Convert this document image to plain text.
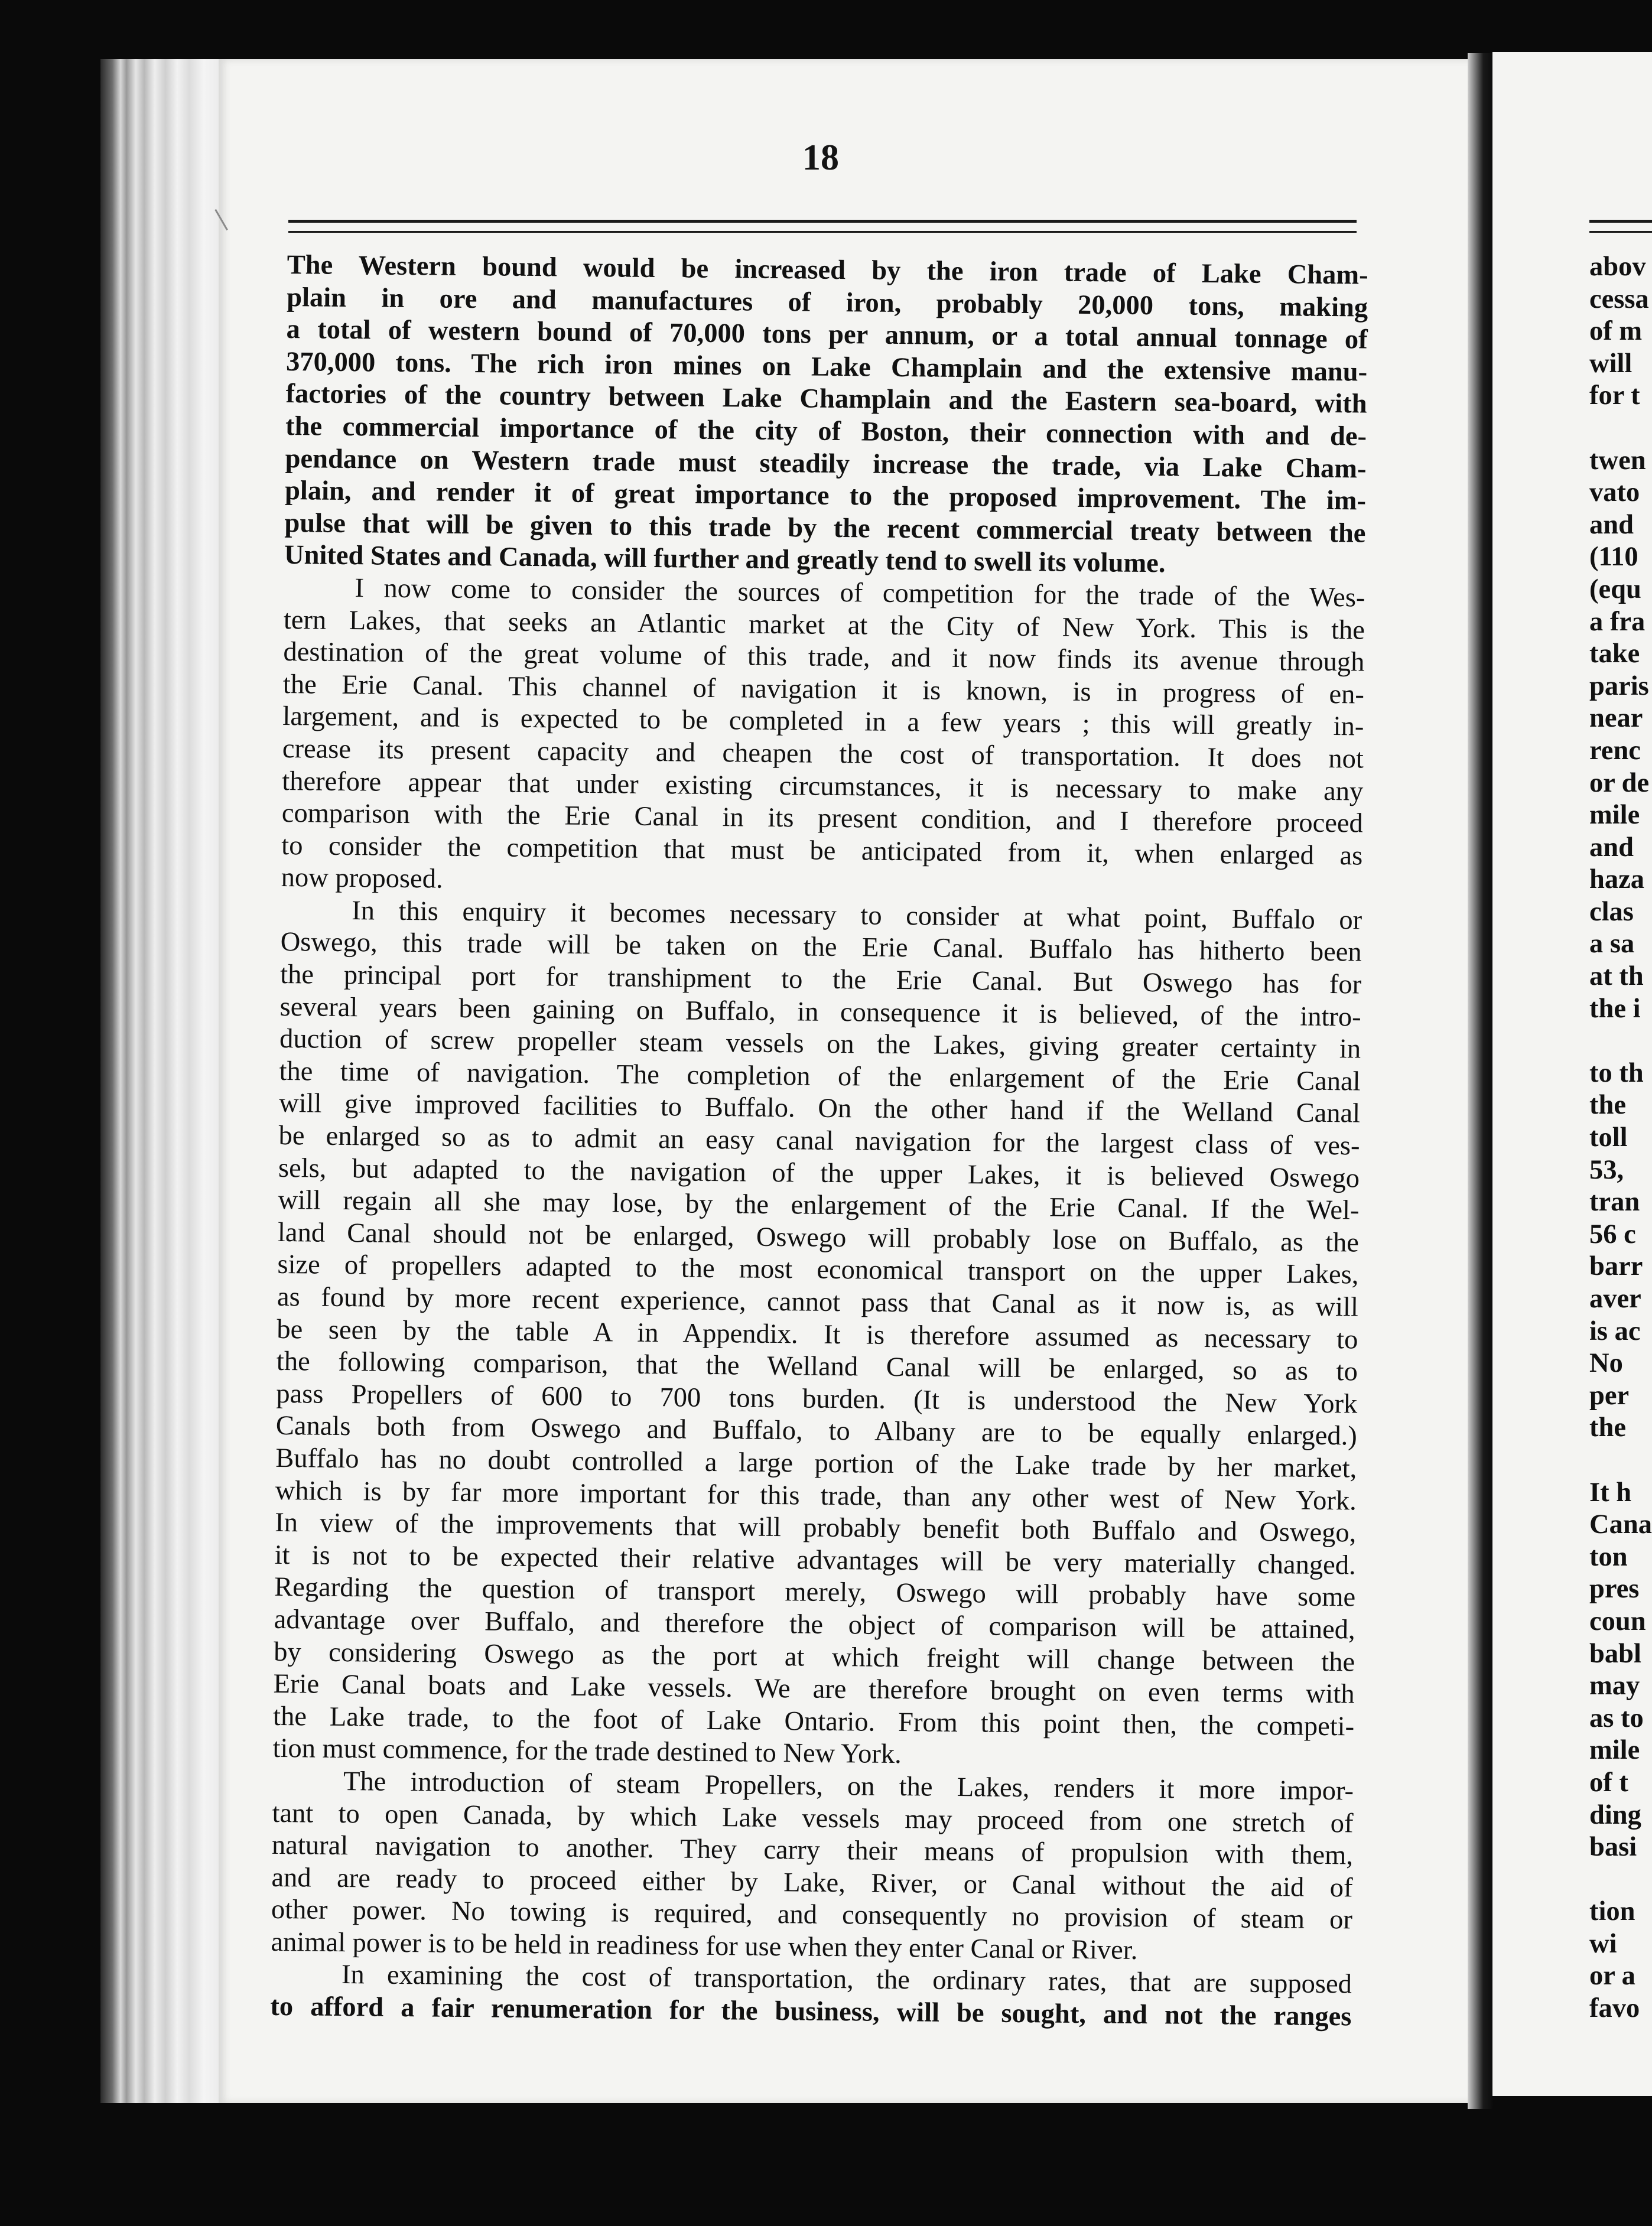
18
The Western bound would be increased by the iron trade of Lake Cham-
plain in ore and manufactures of iron, probably 20,000 tons, making
a total of western bound of 70,000 tons per annum, or a total annual tonnage of
370,000 tons. The rich iron mines on Lake Champlain and the extensive manu-
factories of the country between Lake Champlain and the Eastern sea-board, with
the commercial importance of the city of Boston, their connection with and de-
pendance on Western trade must steadily increase the trade, via Lake Cham-
plain, and render it of great importance to the proposed improvement. The im-
pulse that will be given to this trade by the recent commercial treaty between the
United States and Canada, will further and greatly tend to swell its volume.
I now come to consider the sources of competition for the trade of the Wes-
tern Lakes, that seeks an Atlantic market at the City of New York. This is the
destination of the great volume of this trade, and it now finds its avenue through
the Erie Canal. This channel of navigation it is known, is in progress of en-
largement, and is expected to be completed in a few years ; this will greatly in-
crease its present capacity and cheapen the cost of transportation. It does not
therefore appear that under existing circumstances, it is necessary to make any
comparison with the Erie Canal in its present condition, and I therefore proceed
to consider the competition that must be anticipated from it, when enlarged as
now proposed.
In this enquiry it becomes necessary to consider at what point, Buffalo or
Oswego, this trade will be taken on the Erie Canal. Buffalo has hitherto been
the principal port for transhipment to the Erie Canal. But Oswego has for
several years been gaining on Buffalo, in consequence it is believed, of the intro-
duction of screw propeller steam vessels on the Lakes, giving greater certainty in
the time of navigation. The completion of the enlargement of the Erie Canal
will give improved facilities to Buffalo. On the other hand if the Welland Canal
be enlarged so as to admit an easy canal navigation for the largest class of ves-
sels, but adapted to the navigation of the upper Lakes, it is believed Oswego
will regain all she may lose, by the enlargement of the Erie Canal. If the Wel-
land Canal should not be enlarged, Oswego will probably lose on Buffalo, as the
size of propellers adapted to the most economical transport on the upper Lakes,
as found by more recent experience, cannot pass that Canal as it now is, as will
be seen by the table A in Appendix. It is therefore assumed as necessary to
the following comparison, that the Welland Canal will be enlarged, so as to
pass Propellers of 600 to 700 tons burden. (It is understood the New York
Canals both from Oswego and Buffalo, to Albany are to be equally enlarged.)
Buffalo has no doubt controlled a large portion of the Lake trade by her market,
which is by far more important for this trade, than any other west of New York.
In view of the improvements that will probably benefit both Buffalo and Oswego,
it is not to be expected their relative advantages will be very materially changed.
Regarding the question of transport merely, Oswego will probably have some
advantage over Buffalo, and therefore the object of comparison will be attained,
by considering Oswego as the port at which freight will change between the
Erie Canal boats and Lake vessels. We are therefore brought on even terms with
the Lake trade, to the foot of Lake Ontario. From this point then, the competi-
tion must commence, for the trade destined to New York.
The introduction of steam Propellers, on the Lakes, renders it more impor-
tant to open Canada, by which Lake vessels may proceed from one stretch of
natural navigation to another. They carry their means of propulsion with them,
and are ready to proceed either by Lake, River, or Canal without the aid of
other power. No towing is required, and consequently no provision of steam or
animal power is to be held in readiness for use when they enter Canal or River.
In examining the cost of transportation, the ordinary rates, that are supposed
to afford a fair renumeration for the business, will be sought, and not the ranges
abov
cessa
of m
will
for t
twen
vato
and
(110
(equ
a fra
take
paris
near
renc
or de
mile
and
haza
clas
a sa
at th
the i
to th
the
toll
53,
tran
56 c
barr
aver
is ac
No
per
the
It h
Cana
ton
pres
coun
babl
may
as to
mile
of t
ding
basi
tion
wi
or a
favo
